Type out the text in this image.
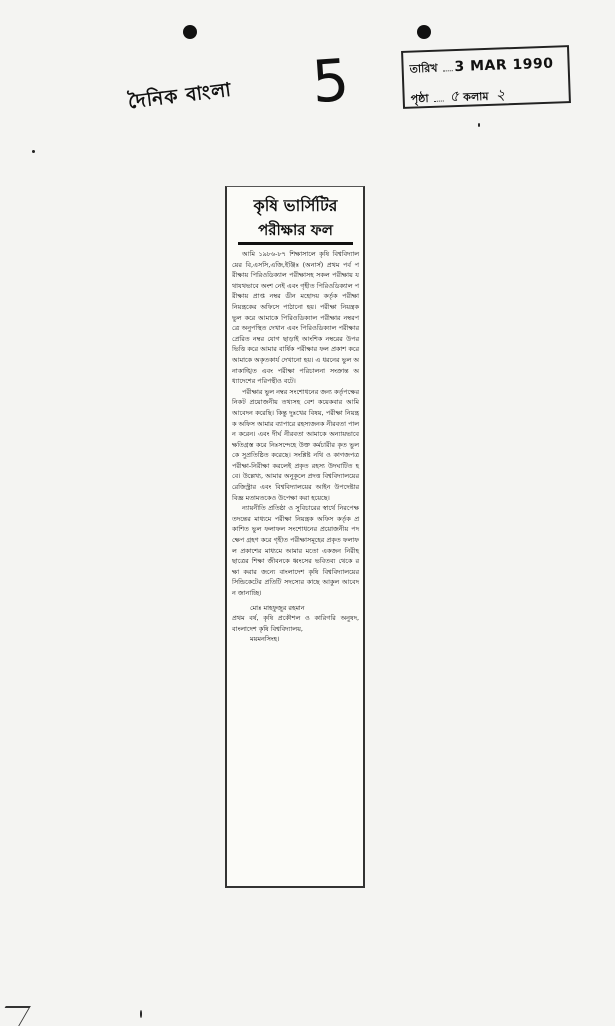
দৈনিক বাংলা 5	তারিখ 3 MAR 1990
পৃষ্ঠা ৫ কলাম ২
কৃষি ভার্সিটির
পরীক্ষার ফল

আমি ১৯৮৬-৮৭ শিক্ষাসালে কৃষি বিশ্ববিদ্যালয়ের বি,এসসি,এজি,ইঞ্জিঃ (অনার্স) প্রথম পর্ব পরীক্ষায় পিরিওডিক্যাল পরীক্ষাসহ সকল পরীক্ষায় যথাযথভাবে অংশ নেই এবং গৃহীত পিরিওডিক্যাল পরীক্ষায় প্রাপ্ত নম্বর ডীন মহোদয় কর্তৃক পরীক্ষা নিয়ন্ত্রকের অফিসে পাঠানো হয়। পরীক্ষা নিয়ন্ত্রক ভুল করে আমাকে পিরিওডিক্যাল পরীক্ষার নম্বরপত্রে অনুপস্থিত দেখান এবং পিরিওডিক্যাল পরীক্ষার প্রেরিত নম্বর যোগ ছাড়াই আংশিক নম্বরের উপর ভিত্তি করে আমার বার্ষিক পরীক্ষার ফল প্রকাশ করে আমাকে অকৃতকার্য দেখানো হয়। এ ধরনের ভুল অনাকাঙ্খিত এবং পরীক্ষা পরিচালনা সংক্রান্ত অধ্যাদেশের পরিপন্থীও বটে।

পরীক্ষার ভুল নম্বর সংশোধনের জন্য কর্তৃপক্ষের নিকট প্রয়োজনীয় তথ্যসহ বেশ কয়েকবার আমি আবেদন করেছি। কিন্তু দুঃখের বিষয়, পরীক্ষা নিয়ন্ত্রক অফিস আমার ব্যাপারে রহস্যজনক নীরবতা পালন করেন। এবং দীর্ঘ নীরবতা আমাকে অন্যায়ভাবে ক্ষতিগ্রস্ত করে নিঃসন্দেহে উক্ত কর্মচারীর কৃত ভুলকে সুপ্রতিষ্ঠিত করেছে। সংশ্লিষ্ট নথি ও কাগজপত্র পরীক্ষা-নিরীক্ষা করলেই প্রকৃত রহস্য উদঘাটিত হবে। উল্লেখ্য, আমার অনুকূলে প্রদত্ত বিশ্ববিদ্যালয়ের রেজিস্ট্রার এবং বিশ্ববিদ্যালয়ের আইন উপদেষ্টার বিজ্ঞ মতামতকেও উপেক্ষা করা হয়েছে।

ন্যায়নীতি প্রতিষ্ঠা ও সুবিচারের স্বার্থে নিরপেক্ষ তদন্তের মাধ্যমে পরীক্ষা নিয়ন্ত্রক অফিস কর্তৃক প্রকাশিত ভুল ফলাফল সংশোধনের প্রয়োজনীয় পদক্ষেপ গ্রহণ করে গৃহীত পরীক্ষাসমূহের প্রকৃত ফলাফল প্রকাশের মাধ্যমে আমার মতো একজন নিরীহ ছাত্রের শিক্ষা জীবনকে ধ্বংসের ভবিতব্য থেকে রক্ষা করার জন্যে বাংলাদেশ কৃষি বিশ্ববিদ্যালয়ের সিন্ডিকেটের প্রতিটি সদস্যের কাছে আকুল আবেদন জানাচ্ছি।

মোঃ মাহফুজুর রহমান
প্রথম বর্ষ, কৃষি প্রকৌশল ও কারিগরি অনুষদ, বাংলাদেশ কৃষি বিশ্ববিদ্যালয়,
ময়মনসিংহ।
